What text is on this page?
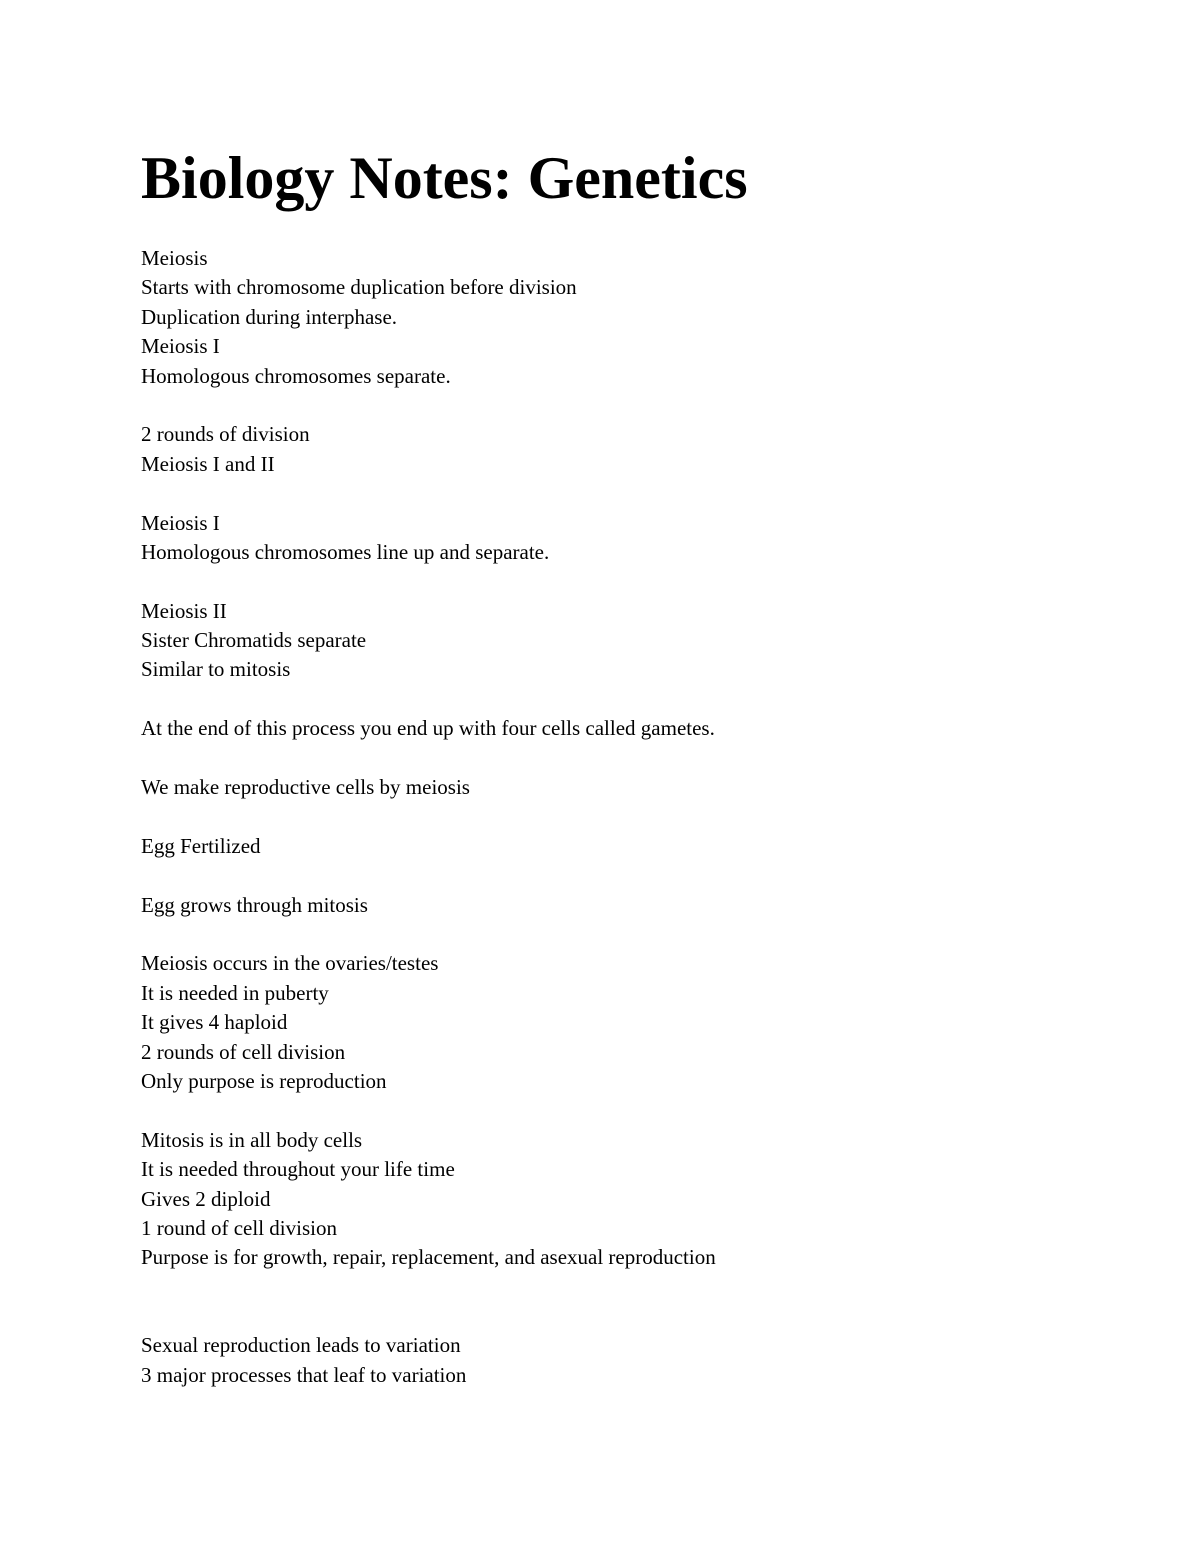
Biology Notes: Genetics
Meiosis
Starts with chromosome duplication before division
Duplication during interphase.
Meiosis I
Homologous chromosomes separate.
2 rounds of division
Meiosis I and II
Meiosis I
Homologous chromosomes line up and separate.
Meiosis II
Sister Chromatids separate
Similar to mitosis
At the end of this process you end up with four cells called gametes.
We make reproductive cells by meiosis
Egg Fertilized
Egg grows through mitosis
Meiosis occurs in the ovaries/testes
It is needed in puberty
It gives 4 haploid
2 rounds of cell division
Only purpose is reproduction
Mitosis is in all body cells
It is needed throughout your life time
Gives 2 diploid
1 round of cell division
Purpose is for growth, repair, replacement, and asexual reproduction
Sexual reproduction leads to variation
3 major processes that leaf to variation
